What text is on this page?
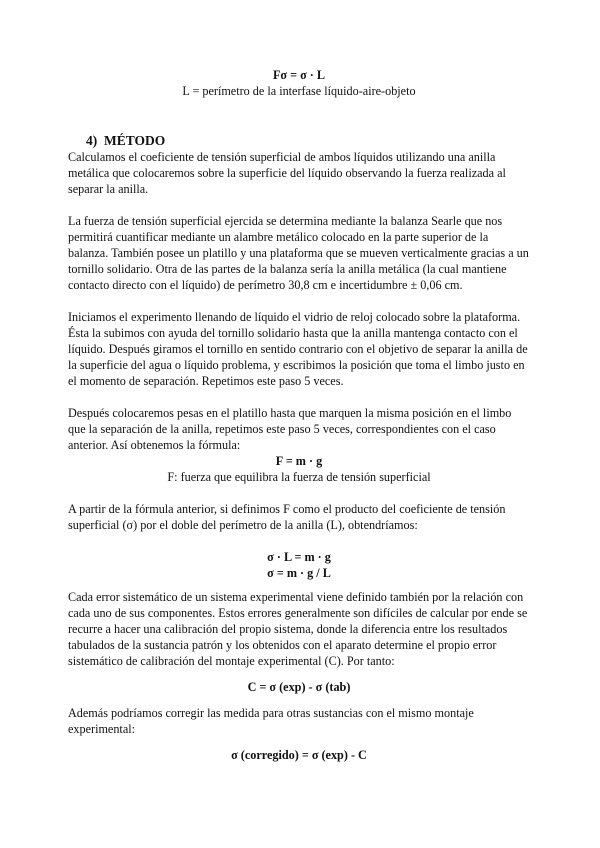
Fσ = σ · L

L = perímetro de la interfase líquido-aire-objeto

4) MÉTODO

Calculamos el coeficiente de tensión superficial de ambos líquidos utilizando una anilla metálica que colocaremos sobre la superficie del líquido observando la fuerza realizada al separar la anilla.

La fuerza de tensión superficial ejercida se determina mediante la balanza Searle que nos permitirá cuantificar mediante un alambre metálico colocado en la parte superior de la balanza. También posee un platillo y una plataforma que se mueven verticalmente gracias a un tornillo solidario. Otra de las partes de la balanza sería la anilla metálica (la cual mantiene contacto directo con el líquido) de perímetro 30,8 cm e incertidumbre ± 0,06 cm.

Iniciamos el experimento llenando de líquido el vidrio de reloj colocado sobre la plataforma. Ésta la subimos con ayuda del tornillo solidario hasta que la anilla mantenga contacto con el líquido. Después giramos el tornillo en sentido contrario con el objetivo de separar la anilla de la superficie del agua o líquido problema, y escribimos la posición que toma el limbo justo en el momento de separación. Repetimos este paso 5 veces.

Después colocaremos pesas en el platillo hasta que marquen la misma posición en el limbo que la separación de la anilla, repetimos este paso 5 veces, correspondientes con el caso anterior. Así obtenemos la fórmula:

F = m · g

F: fuerza que equilibra la fuerza de tensión superficial

A partir de la fórmula anterior, si definimos F como el producto del coeficiente de tensión superficial (σ) por el doble del perímetro de la anilla (L), obtendríamos:

σ · L = m · g

σ = m · g / L

Cada error sistemático de un sistema experimental viene definido también por la relación con cada uno de sus componentes. Estos errores generalmente son difíciles de calcular por ende se recurre a hacer una calibración del propio sistema, donde la diferencia entre los resultados tabulados de la sustancia patrón y los obtenidos con el aparato determine el propio error sistemático de calibración del montaje experimental (C). Por tanto:

C = σ (exp) - σ (tab)

Además podríamos corregir las medida para otras sustancias con el mismo montaje experimental:

σ (corregido) = σ (exp) - C
